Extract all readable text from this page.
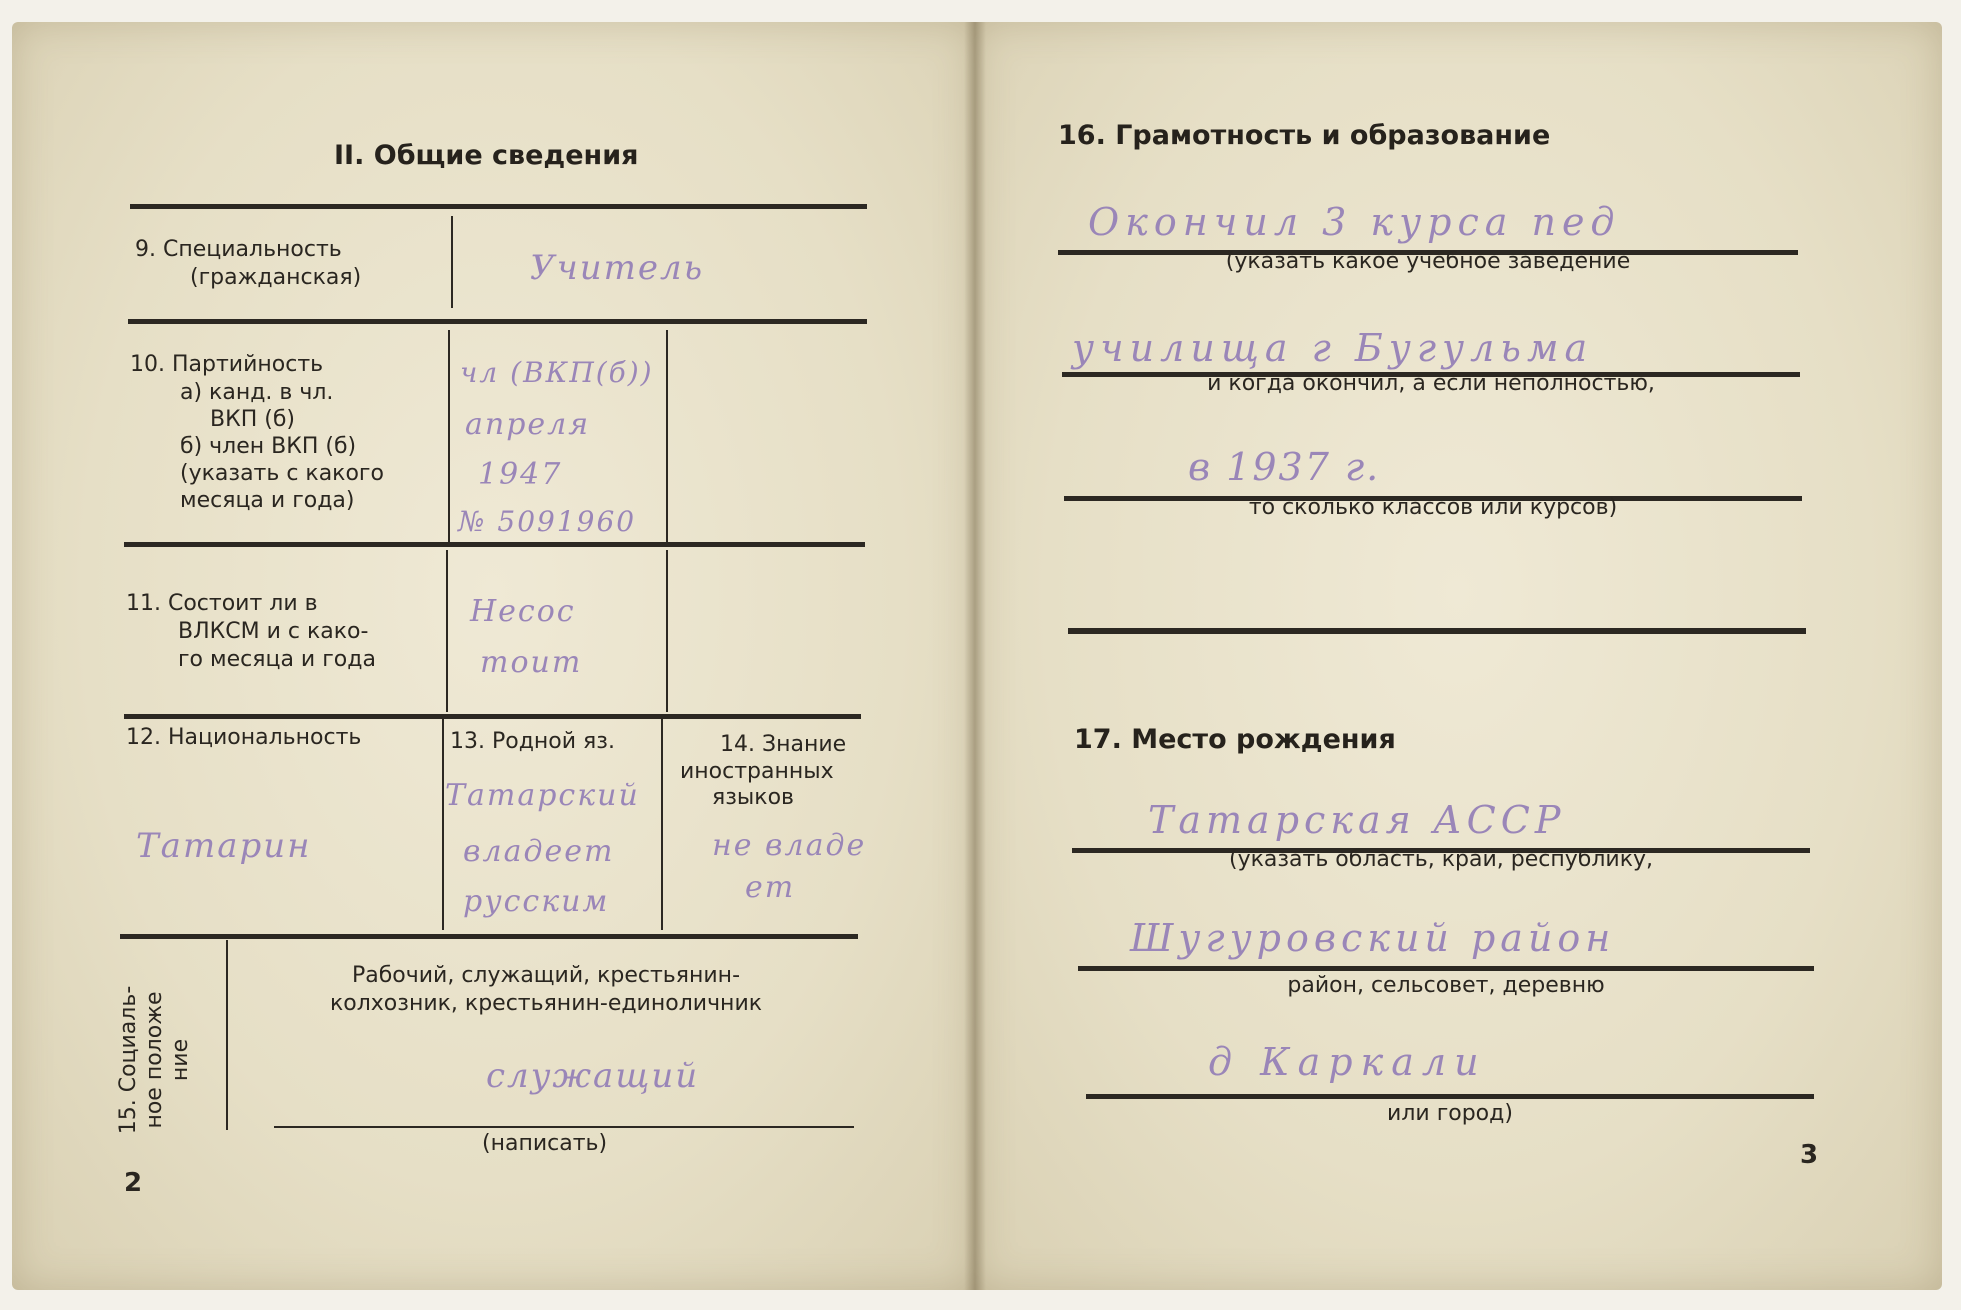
II. Общие сведения
9. Специальность
(гражданская)	Учитель
10. Партийность
а) канд. в чл.
ВКП (б)
б) член ВКП (б)
(указать с какого
месяца и года)
чл (ВКП(б))
апреля
1947
№ 5091960
11. Состоит ли в
ВЛКСМ и с како-
го месяца и года
Несос
тоит
12. Национальность
Татарин
13. Родной яз.
Татарский
владеет
русским
14. Знание
иностранных
языков
не владе
ет
15. Социаль- ное положе ние
Рабочий, служащий, крестьянин-
колхозник, крестьянин-единоличник
служащий
(написать)
2
16. Грамотность и образование
Окончил 3 курса пед
(указать какое учебное заведение
училища г Бугульма
и когда окончил, а если неполностью,
в 1937 г.
то сколько классов или курсов)
17. Место рождения
Татарская АССР
(указать область, край, республику,
Шугуровский район
район, сельсовет, деревню
д Каркали
или город)
3
